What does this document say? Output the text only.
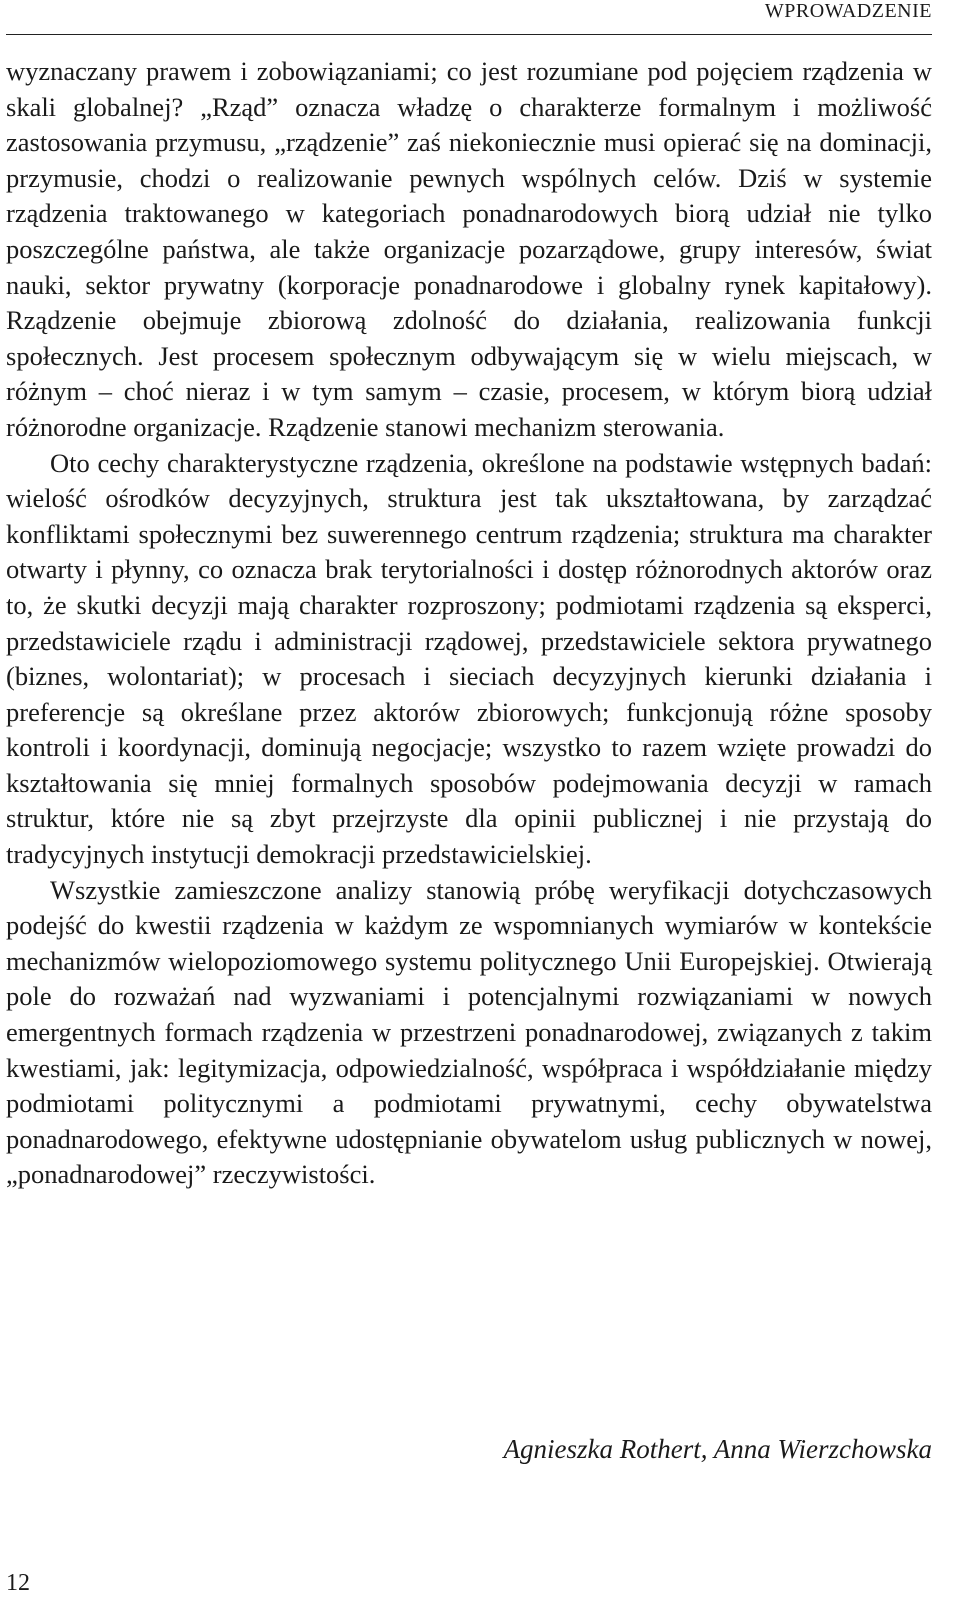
WPROWADZENIE

wyznaczany prawem i zobowiązaniami; co jest rozumiane pod pojęciem rządzenia w skali globalnej? „Rząd” oznacza władzę o charakterze formalnym i możliwość zastosowania przymusu, „rządzenie” zaś niekoniecznie musi opierać się na dominacji, przymusie, chodzi o realizowanie pewnych wspólnych celów. Dziś w systemie rządzenia traktowanego w kategoriach ponadnarodowych biorą udział nie tylko poszczególne państwa, ale także organizacje pozarządowe, grupy interesów, świat nauki, sektor prywatny (korporacje ponadnarodowe i globalny rynek kapitałowy). Rządzenie obejmuje zbiorową zdolność do działania, realizowania funkcji społecznych. Jest procesem społecznym odbywającym się w wielu miejscach, w różnym – choć nieraz i w tym samym – czasie, procesem, w którym biorą udział różnorodne organizacje. Rządzenie stanowi mechanizm sterowania.

Oto cechy charakterystyczne rządzenia, określone na podstawie wstępnych badań: wielość ośrodków decyzyjnych, struktura jest tak ukształtowana, by zarządzać konfliktami społecznymi bez suwerennego centrum rządzenia; struktura ma charakter otwarty i płynny, co oznacza brak terytorialności i dostęp różnorodnych aktorów oraz to, że skutki decyzji mają charakter rozproszony; podmiotami rządzenia są eksperci, przedstawiciele rządu i administracji rządowej, przedstawiciele sektora prywatnego (biznes, wolontariat); w procesach i sieciach decyzyjnych kierunki działania i preferencje są określane przez aktorów zbiorowych; funkcjonują różne sposoby kontroli i koordynacji, dominują negocjacje; wszystko to razem wzięte prowadzi do kształtowania się mniej formalnych sposobów podejmowania decyzji w ramach struktur, które nie są zbyt przejrzyste dla opinii publicznej i nie przystają do tradycyjnych instytucji demokracji przedstawicielskiej.

Wszystkie zamieszczone analizy stanowią próbę weryfikacji dotychczasowych podejść do kwestii rządzenia w każdym ze wspomnianych wymiarów w kontekście mechanizmów wielopoziomowego systemu politycznego Unii Europejskiej. Otwierają pole do rozważań nad wyzwaniami i potencjalnymi rozwiązaniami w nowych emergentnych formach rządzenia w przestrzeni ponadnarodowej, związanych z takim kwestiami, jak: legitymizacja, odpowiedzialność, współpraca i współdziałanie między podmiotami politycznymi a podmiotami prywatnymi, cechy obywatelstwa ponadnarodowego, efektywne udostępnianie obywatelom usług publicznych w nowej, „ponadnarodowej” rzeczywistości.

Agnieszka Rothert, Anna Wierzchowska
12
